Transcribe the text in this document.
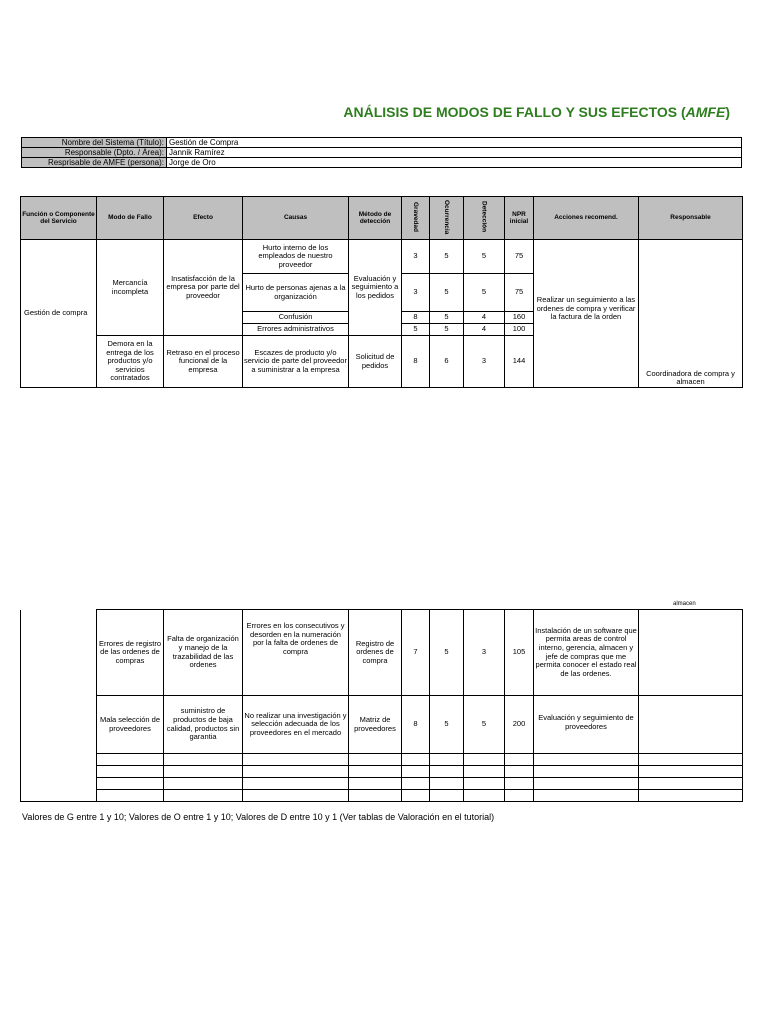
ANÁLISIS DE MODOS DE FALLO Y SUS EFECTOS (AMFE)
Nombre del Sistema (Título):	Gestión de Compra
Responsable (Dpto. / Área):	Jannik Ramírez
Resprisable de AMFE (persona):	Jorge de Oro
Función o Componente del Servicio	Modo de Fallo	Efecto	Causas	Método de detección	Gravedad	Ocurrencia	Detección	NPR inicial	Acciones recomend.	Responsable
Gestión de compra	Mercancía incompleta	Insatisfacción de la empresa por parte del proveedor	Hurto interno de los empleados de nuestro proveedor	Evaluación y seguimiento a los pedidos	3	5	5	75	Realizar un seguimiento a las ordenes de compra y verificar la factura de la orden	Coordinadora de compra y almacen
			Hurto de personas ajenas a la organización		3	5	5	75		
			Confusión		8	5	4	160		
			Errores administrativos		5	5	4	100		
	Demora en la entrega de los productos y/o servicios contratados	Retraso en el proceso funcional de la empresa	Escazes de producto y/o servicio de parte del proveedor a suministrar a la empresa	Solicitud de pedidos	8	6	3	144		
almacen
	Errores de registro de las ordenes de compras	Falta de organización y manejo de la trazabilidad de las ordenes	Errores en los consecutivos y desorden en la numeración por la falta de ordenes de compra	Registro de ordenes de compra	7	5	3	105	Instalación de un software que permita areas de control interno, gerencia, almacen y jefe de compras que me permita conocer el estado real de las ordenes.	
	Mala selección de proveedores	suministro de productos de baja calidad, productos sin garantia	No realizar una investigación y selección adecuada de los proveedores en el mercado	Matriz de proveedores	8	5	5	200	Evaluación y seguimiento de proveedores	

Valores de G entre 1 y 10; Valores de O entre 1 y 10; Valores de D entre 10 y 1 (Ver tablas de Valoración en el tutorial)
